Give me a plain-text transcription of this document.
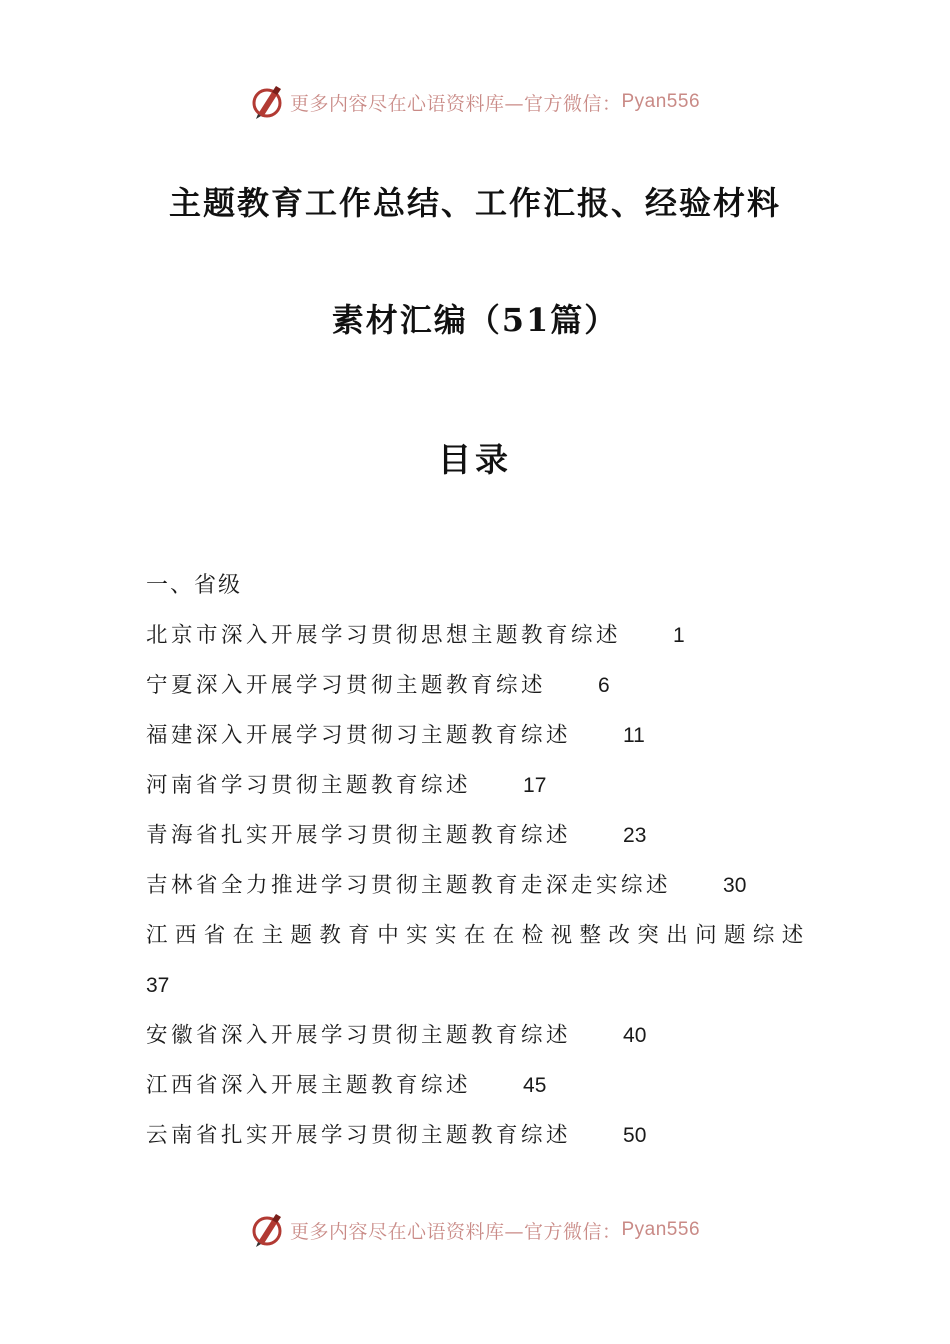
更多内容尽在心语资料库—官方微信： Pyan556
主题教育工作总结、工作汇报、经验材料
素材汇编（51篇）
目录
一、省级
北京市深入开展学习贯彻思想主题教育综述 1
宁夏深入开展学习贯彻主题教育综述 6
福建深入开展学习贯彻习主题教育综述 11
河南省学习贯彻主题教育综述 17
青海省扎实开展学习贯彻主题教育综述 23
吉林省全力推进学习贯彻主题教育走深走实综述 30
江西省在主题教育中实实在在检视整改突出问题综述
37
安徽省深入开展学习贯彻主题教育综述 40
江西省深入开展主题教育综述 45
云南省扎实开展学习贯彻主题教育综述 50
更多内容尽在心语资料库—官方微信： Pyan556
